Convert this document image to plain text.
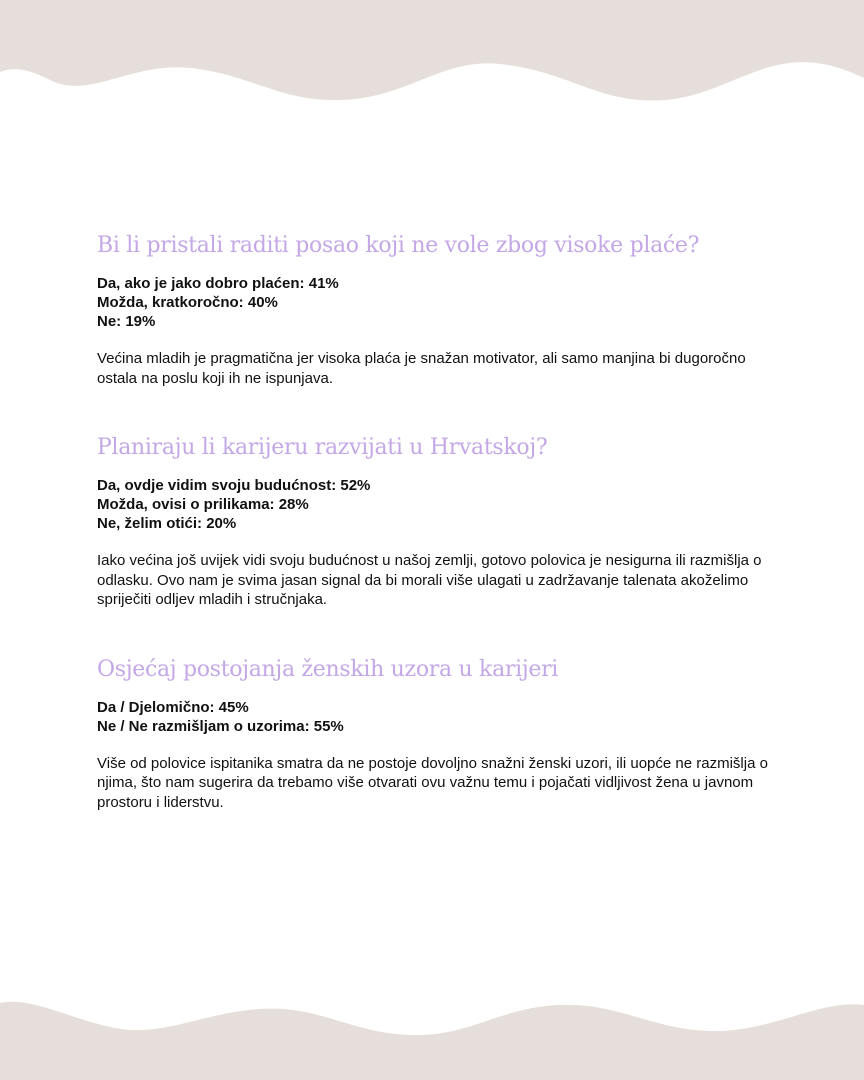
Bi li pristali raditi posao koji ne vole zbog visoke plaće?
Da, ako je jako dobro plaćen: 41%
Možda, kratkoročno: 40%
Ne: 19%

Većina mladih je pragmatična jer visoka plaća je snažan motivator, ali samo manjina bi dugoročno ostala na poslu koji ih ne ispunjava.

Planiraju li karijeru razvijati u Hrvatskoj?
Da, ovdje vidim svoju budućnost: 52%
Možda, ovisi o prilikama: 28%
Ne, želim otići: 20%

Iako većina još uvijek vidi svoju budućnost u našoj zemlji, gotovo polovica je nesigurna ili razmišlja o odlasku. Ovo nam je svima jasan signal da bi morali više ulagati u zadržavanje talenata akoželimo spriječiti odljev mladih i stručnjaka.

Osjećaj postojanja ženskih uzora u karijeri
Da / Djelomično: 45%
Ne / Ne razmišljam o uzorima: 55%

Više od polovice ispitanika smatra da ne postoje dovoljno snažni ženski uzori, ili uopće ne razmišlja o njima, što nam sugerira da trebamo više otvarati ovu važnu temu i pojačati vidljivost žena u javnom prostoru i liderstvu.
